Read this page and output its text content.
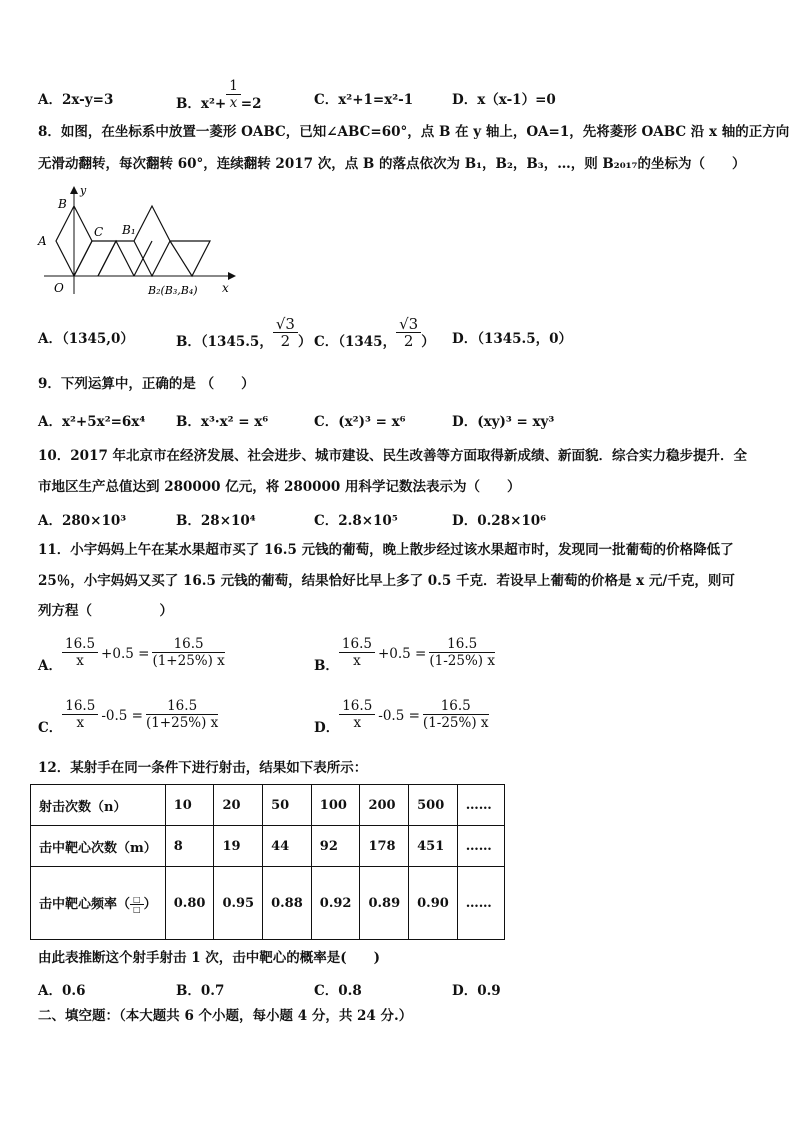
A．2x-y=3	B．$x^2+ \frac{1}{x} =2$	C．x²+1=x²-1	D．x（x-1）=0
8．如图，在坐标系中放置一菱形 OABC，已知∠ABC=60°，点 B 在 y 轴上，OA=1，先将菱形 OABC 沿 x 轴的正方向
无滑动翻转，每次翻转 60°，连续翻转 2017 次，点 B 的落点依次为 B₁，B₂，B₃，…，则 B₂₀₁₇的坐标为（　　）
y
B
A
C B₁
O	B₂(B₃,B₄) x
A．（1345,0）	B．（1345.5， $\frac{√3}{2}$ ） C．（1345， $\frac{√3}{2}$ ） D．（1345.5，0）
9．下列运算中，正确的是 （　　）
A．x²+5x²=6x⁴ B．x³·x² = x⁶	C．(x²)³ = x⁶	D．(xy)³ = xy³
10．2017 年北京市在经济发展、社会进步、城市建设、民生改善等方面取得新成绩、新面貌．综合实力稳步提升．全
市地区生产总值达到 280000 亿元，将 280000 用科学记数法表示为（　　）
A．280×10³	B．28×10⁴	C．2.8×10⁵	D．0.28×10⁶
11．小宇妈妈上午在某水果超市买了 16.5 元钱的葡萄，晚上散步经过该水果超市时，发现同一批葡萄的价格降低了
25％，小宇妈妈又买了 16.5 元钱的葡萄，结果恰好比早上多了 0.5 千克．若设早上葡萄的价格是 x 元/千克，则可
列方程（　　　　　）
A． $\frac{16.5}{x} +0.5 = \frac{16.5}{(1+25\%) x}$	B． $\frac{16.5}{x} +0.5 = \frac{16.5}{(1-25\%) x}$
C． $\frac{16.5}{x} -0.5 = \frac{16.5}{(1+25\%) x}$	D． $\frac{16.5}{x} -0.5 = \frac{16.5}{(1-25\%) x}$
12．某射手在同一条件下进行射击，结果如下表所示：
射击次数（n）	10	20	50	100	200	500	……
击中靶心次数（m）	8	19	44	92	178	451	……
击中靶心频率（ $\frac{□}{□}$ ）	0.80	0.95	0.88	0.92	0.89	0.90	……
由此表推断这个射手射击 1 次，击中靶心的概率是(　　)
A．0.6	B．0.7	C．0.8	D．0.9
二、填空题：（本大题共 6 个小题，每小题 4 分，共 24 分.）
